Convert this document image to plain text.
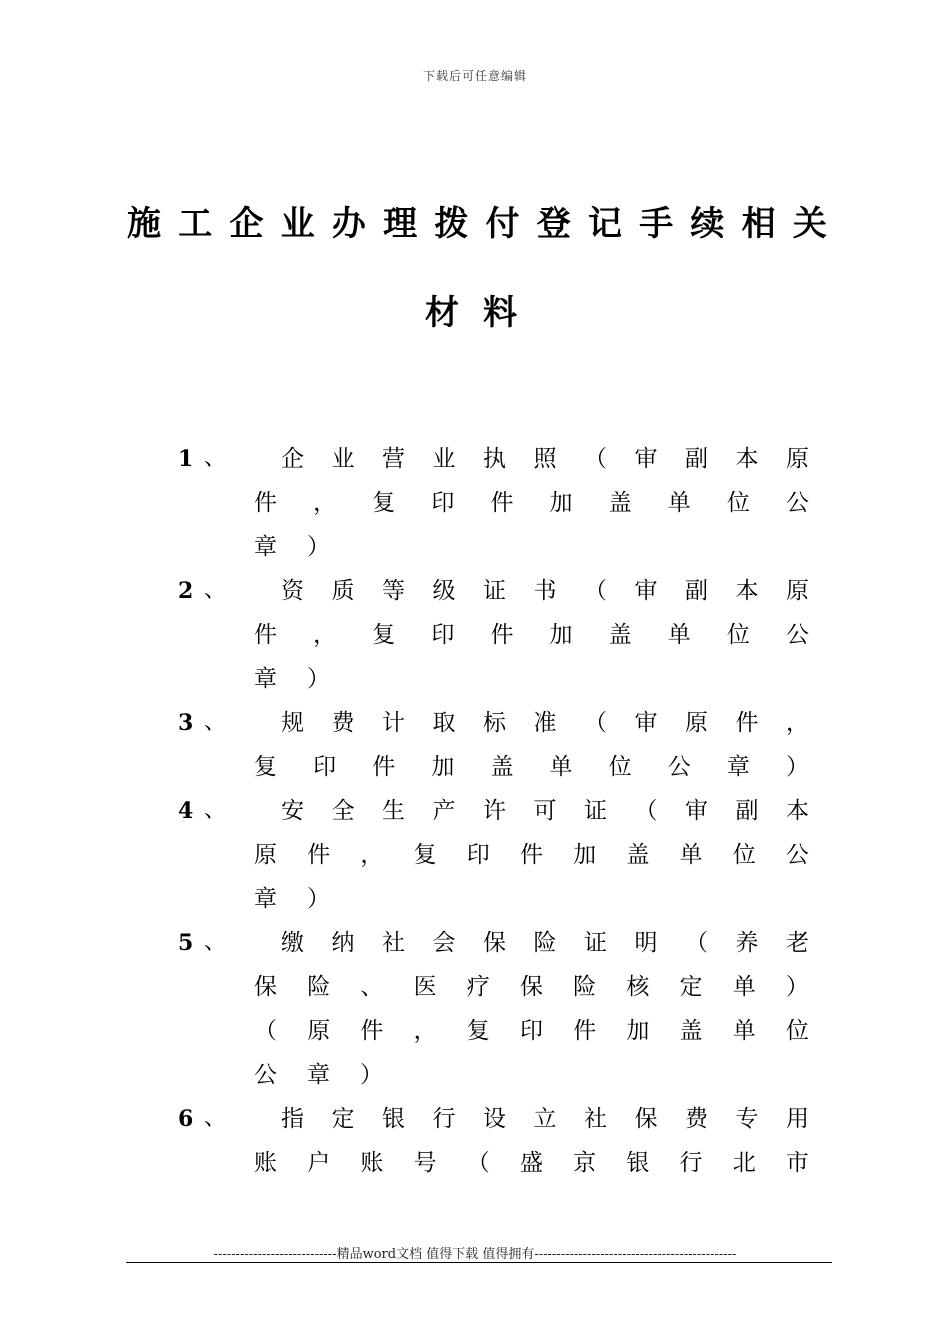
下载后可任意编辑
施 工 企 业 办 理 拨 付 登 记 手 续 相 关
材 料
1 、 企 业 营 业 执 照 （ 审 副 本 原
件 ， 复 印 件 加 盖 单 位 公
章 ）
2 、 资 质 等 级 证 书 （ 审 副 本 原
件 ， 复 印 件 加 盖 单 位 公
章 ）
3 、 规 费 计 取 标 准 （ 审 原 件 ，
复 印 件 加 盖 单 位 公 章 ）
4 、 安 全 生 产 许 可 证 （ 审 副 本
原 件 ， 复 印 件 加 盖 单 位 公
章 ）
5 、 缴 纳 社 会 保 险 证 明 （ 养 老
保 险 、 医 疗 保 险 核 定 单 ）
（ 原 件 ， 复 印 件 加 盖 单 位
公 章 ）
6 、 指 定 银 行 设 立 社 保 费 专 用
账 户 账 号 （ 盛 京 银 行 北 市
----------------------------精品word文档 值得下载 值得拥有----------------------------------------------
